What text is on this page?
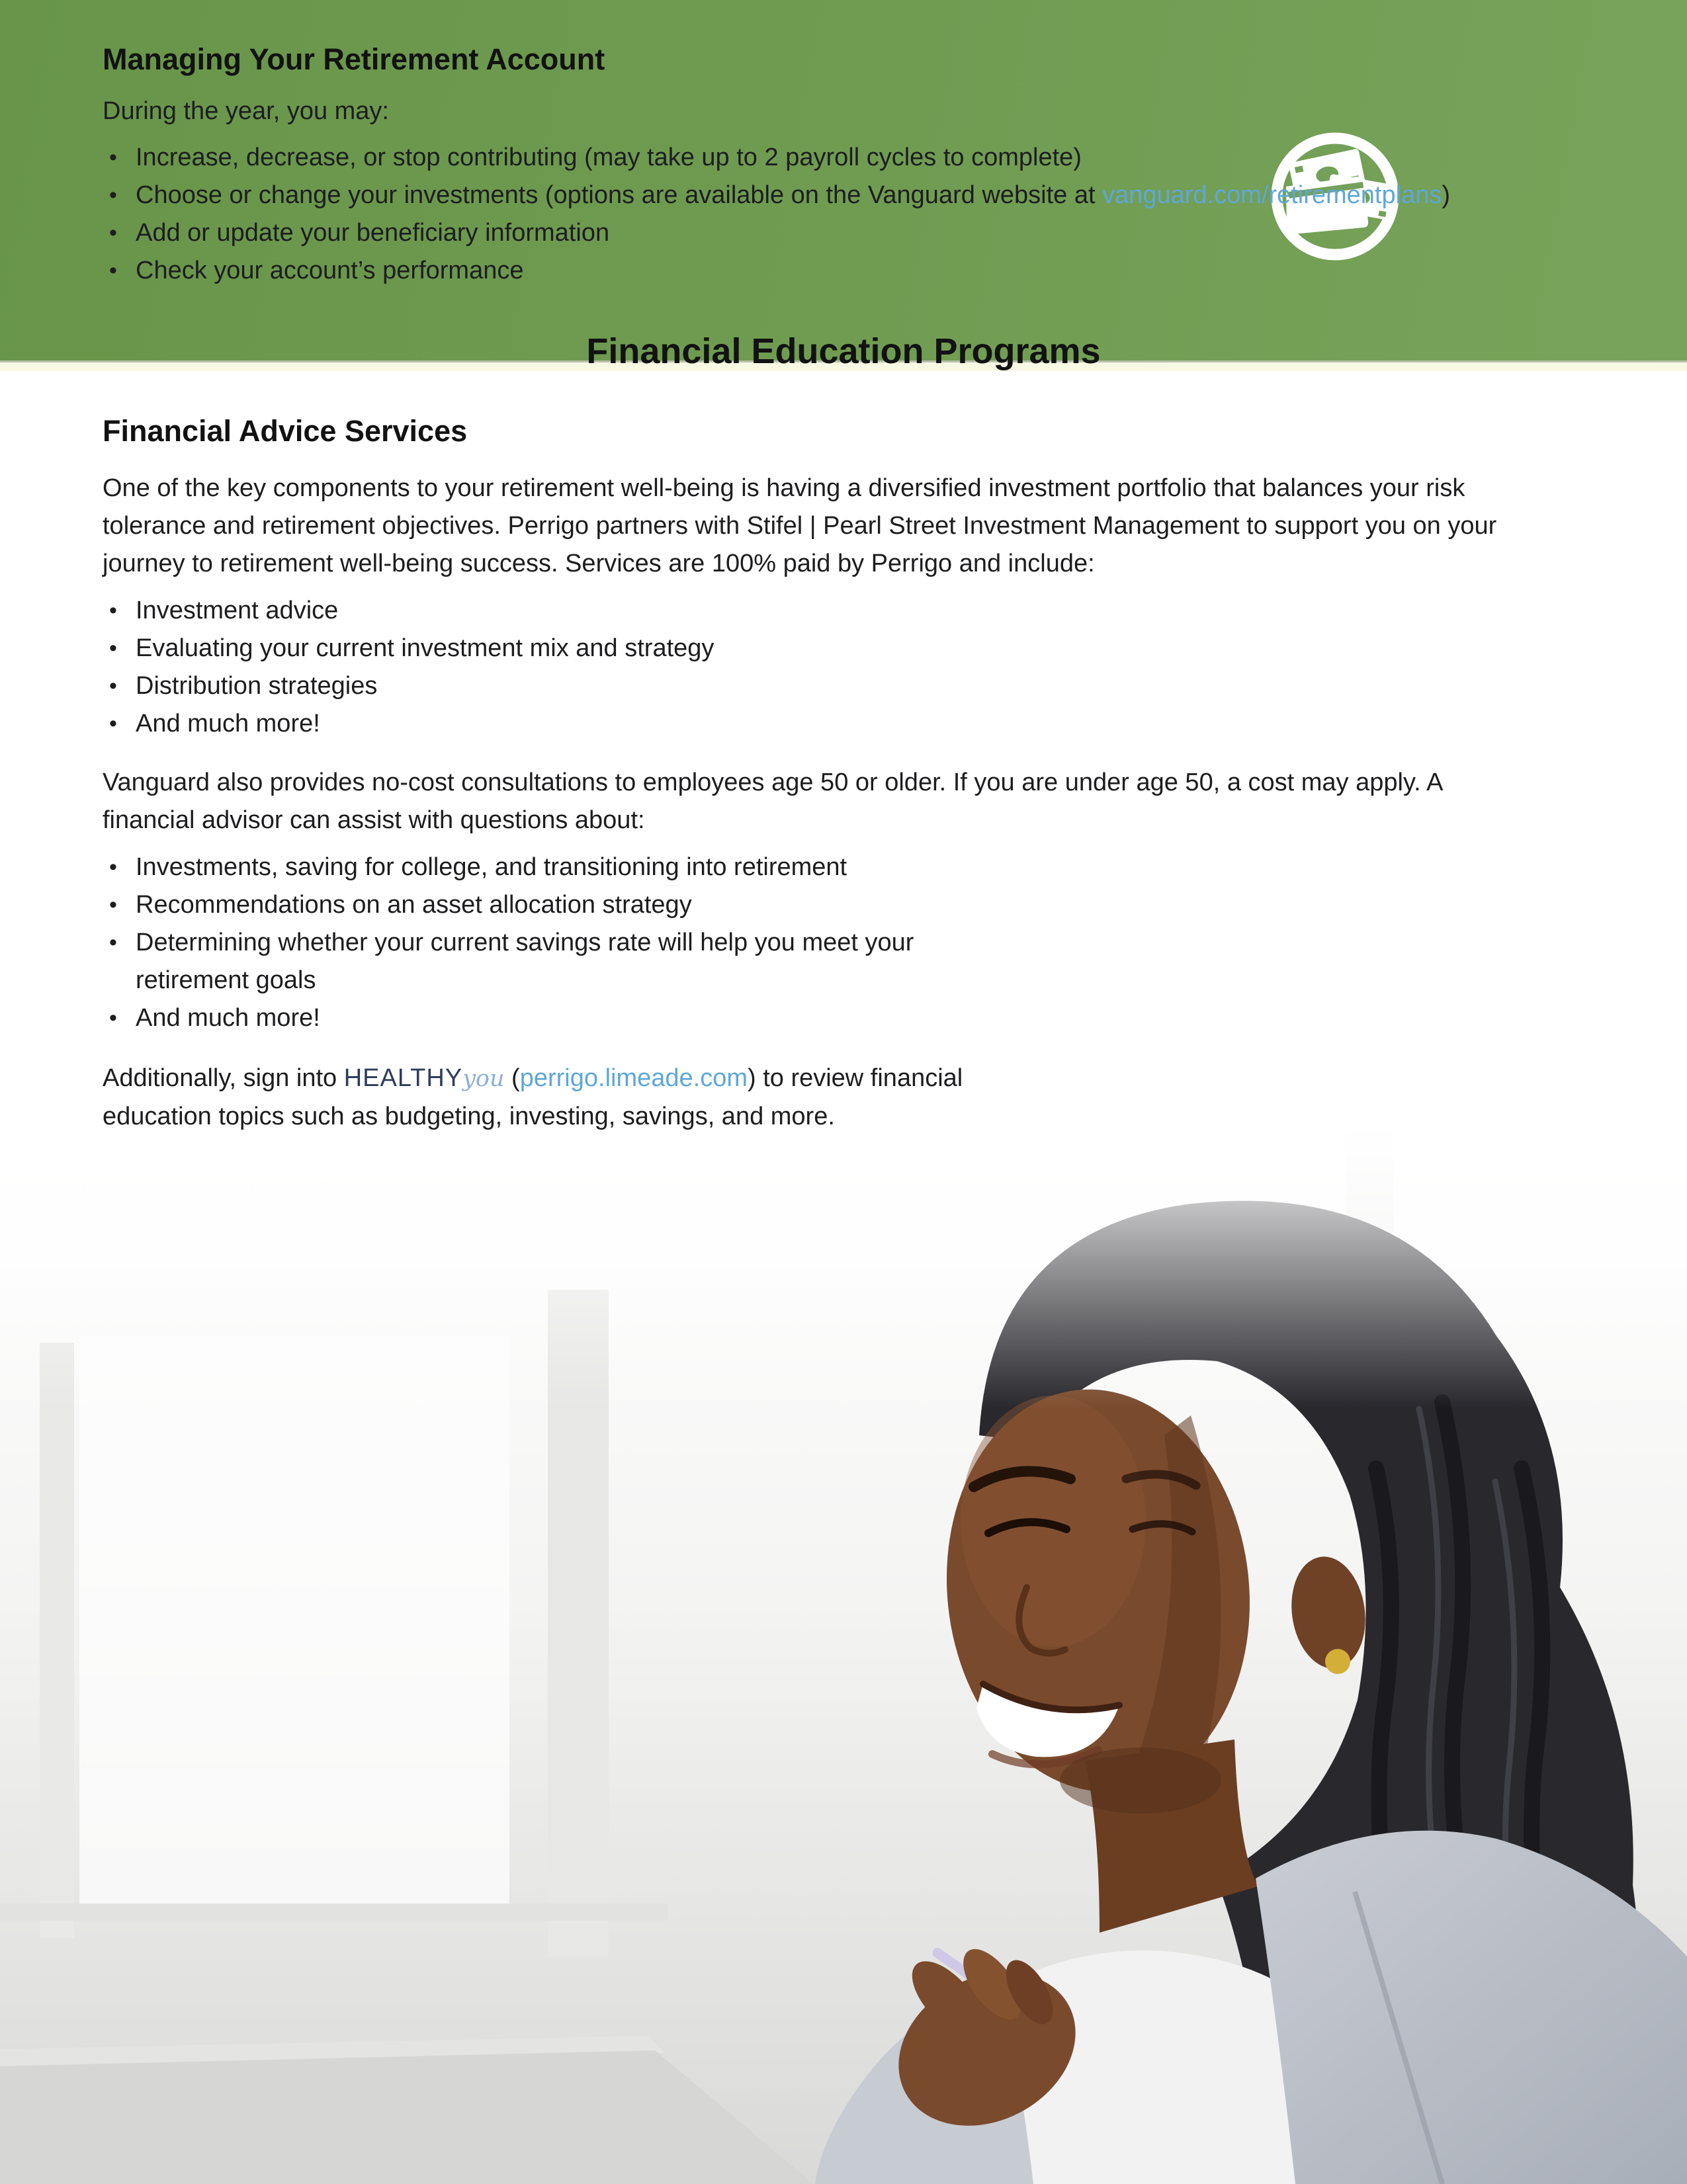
Managing Your Retirement Account

During the year, you may:

• Increase, decrease, or stop contributing (may take up to 2 payroll cycles to complete)
• Choose or change your investments (options are available on the Vanguard website at vanguard.com/retirementplans)
• Add or update your beneficiary information
• Check your account’s performance
Financial Education Programs
Financial Advice Services

One of the key components to your retirement well-being is having a diversified investment portfolio that balances your risk tolerance and retirement objectives. Perrigo partners with Stifel | Pearl Street Investment Management to support you on your journey to retirement well-being success. Services are 100% paid by Perrigo and include:

• Investment advice
• Evaluating your current investment mix and strategy
• Distribution strategies
• And much more!

Vanguard also provides no-cost consultations to employees age 50 or older. If you are under age 50, a cost may apply. A financial advisor can assist with questions about:

• Investments, saving for college, and transitioning into retirement
• Recommendations on an asset allocation strategy
• Determining whether your current savings rate will help you meet your retirement goals
• And much more!

Additionally, sign into HEALTHYyou (perrigo.limeade.com) to review financial education topics such as budgeting, investing, savings, and more.
